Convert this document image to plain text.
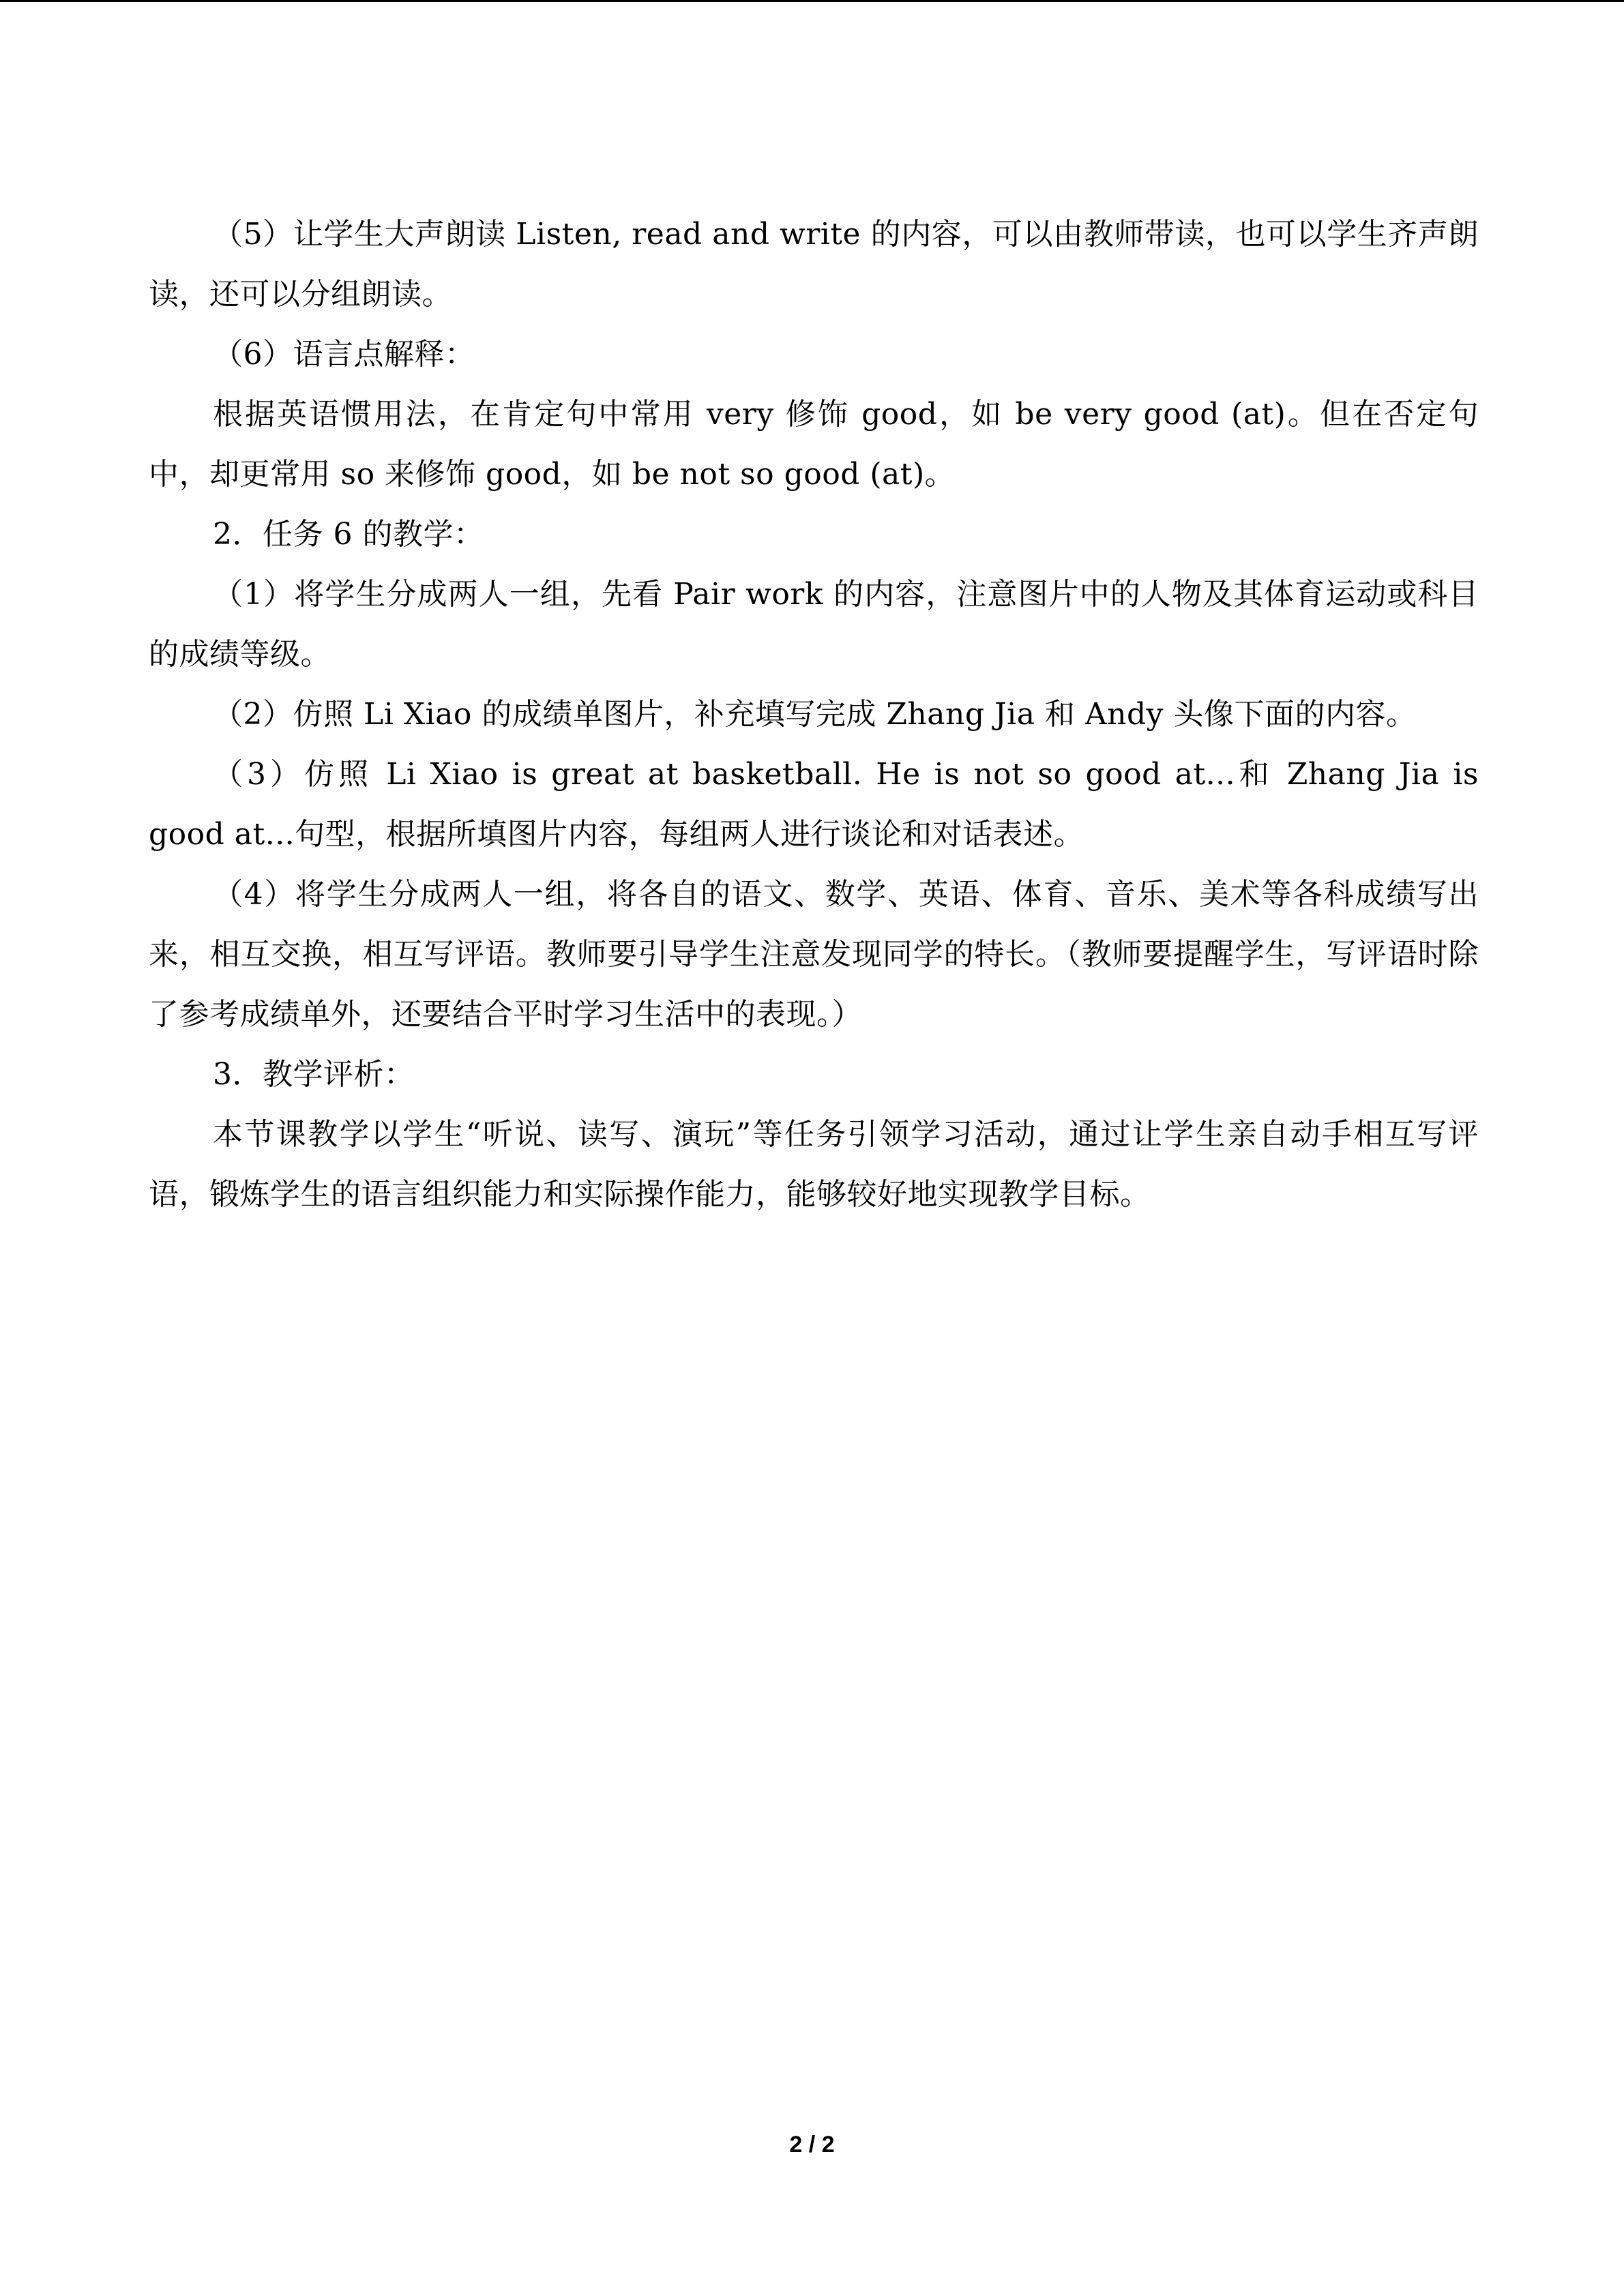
（5）让学生大声朗读 Listen, read and write 的内容，可以由教师带读，也可以学生齐声朗读，还可以分组朗读。

（6）语言点解释：

根据英语惯用法，在肯定句中常用 very 修饰 good，如 be very good (at)。但在否定句中，却更常用 so 来修饰 good，如 be not so good (at)。

2．任务 6 的教学：

（1）将学生分成两人一组，先看 Pair work 的内容，注意图片中的人物及其体育运动或科目的成绩等级。

（2）仿照 Li Xiao 的成绩单图片，补充填写完成 Zhang Jia 和 Andy 头像下面的内容。

（3）仿照 Li Xiao is great at basketball. He is not so good at...和 Zhang Jia is good at...句型，根据所填图片内容，每组两人进行谈论和对话表述。

（4）将学生分成两人一组，将各自的语文、数学、英语、体育、音乐、美术等各科成绩写出来，相互交换，相互写评语。教师要引导学生注意发现同学的特长。（教师要提醒学生，写评语时除了参考成绩单外，还要结合平时学习生活中的表现。）

3．教学评析：

本节课教学以学生“听说、读写、演玩”等任务引领学习活动，通过让学生亲自动手相互写评语，锻炼学生的语言组织能力和实际操作能力，能够较好地实现教学目标。

2 / 2
